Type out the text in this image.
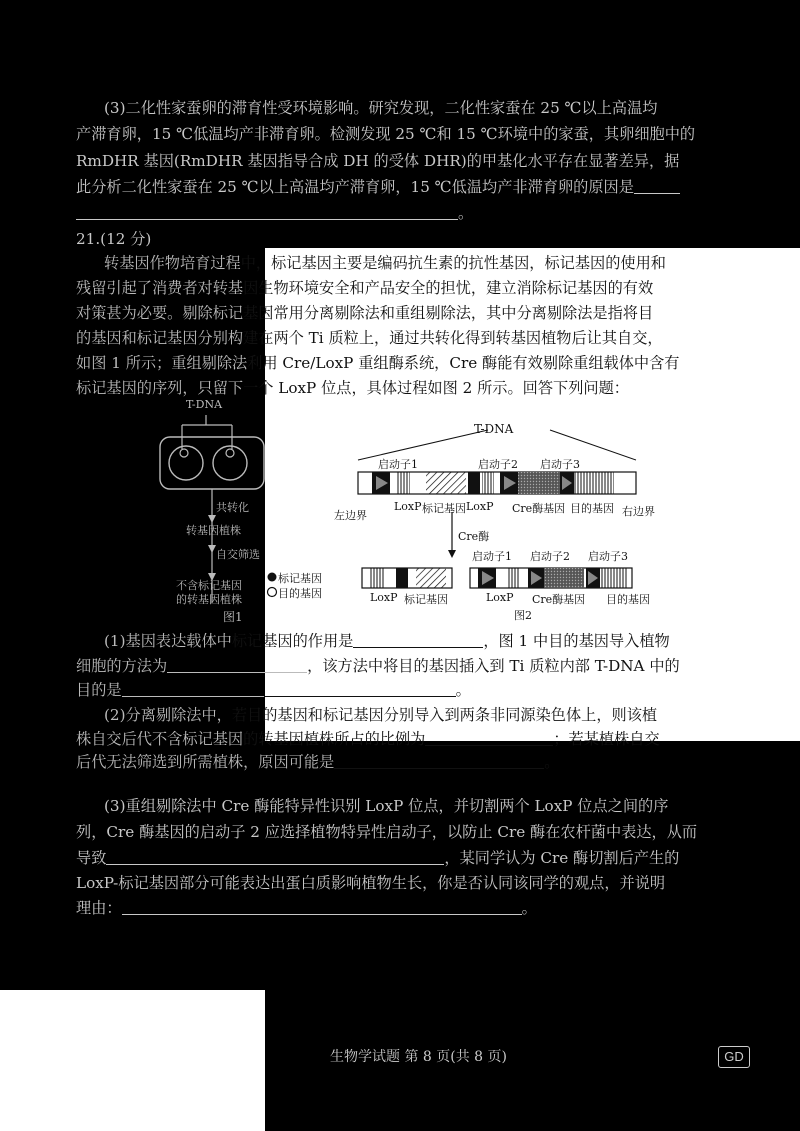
(3)二化性家蚕卵的滞育性受环境影响。研究发现，二化性家蚕在 25 ℃以上高温均
产滞育卵，15 ℃低温均产非滞育卵。检测发现 25 ℃和 15 ℃环境中的家蚕，其卵细胞中的
RmDHR 基因(RmDHR 基因指导合成 DH 的受体 DHR)的甲基化水平存在显著差异，据
此分析二化性家蚕在 25 ℃以上高温均产滞育卵，15 ℃低温均产非滞育卵的原因是
。
21.(12 分)
转基因作物培育过程中，标记基因主要是编码抗生素的抗性基因，标记基因的使用和
残留引起了消费者对转基因生物环境安全和产品安全的担忧，建立消除标记基因的有效
对策甚为必要。剔除标记基因常用分离剔除法和重组剔除法，其中分离剔除法是指将目
的基因和标记基因分别构建在两个 Ti 质粒上，通过共转化得到转基因植物后让其自交，
如图 1 所示；重组剔除法利用 Cre/LoxP 重组酶系统，Cre 酶能有效剔除重组载体中含有
标记基因的序列，只留下一个 LoxP 位点，具体过程如图 2 所示。回答下列问题：
T-DNA
共转化
转基因植株
自交筛选
不含标记基因
的转基因植株
图1
标记基因
目的基因
T-DNA
启动子1	启动子2 启动子3
左边界
LoxP 标记基因 LoxP Cre酶基因 目的基因 右边界
Cre酶
启动子1 启动子2 启动子3
LoxP 标记基因	LoxP Cre酶基因 目的基因
图2
(1)基因表达载体中标记基因的作用是	，图 1 中目的基因导入植物
细胞的方法为	，该方法中将目的基因插入到 Ti 质粒内部 T-DNA 中的
目的是	。
(2)分离剔除法中，若目的基因和标记基因分别导入到两条非同源染色体上，则该植
株自交后代不含标记基因的转基因植株所占的比例为	；若某植株自交
后代无法筛选到所需植株，原因可能是	。
(3)重组剔除法中 Cre 酶能特异性识别 LoxP 位点，并切割两个 LoxP 位点之间的序
列，Cre 酶基因的启动子 2 应选择植物特异性启动子，以防止 Cre 酶在农杆菌中表达，从而
导致	，某同学认为 Cre 酶切割后产生的
LoxP-标记基因部分可能表达出蛋白质影响植物生长，你是否认同该同学的观点，并说明
理由：	。
生物学试题 第 8 页(共 8 页)	GD
